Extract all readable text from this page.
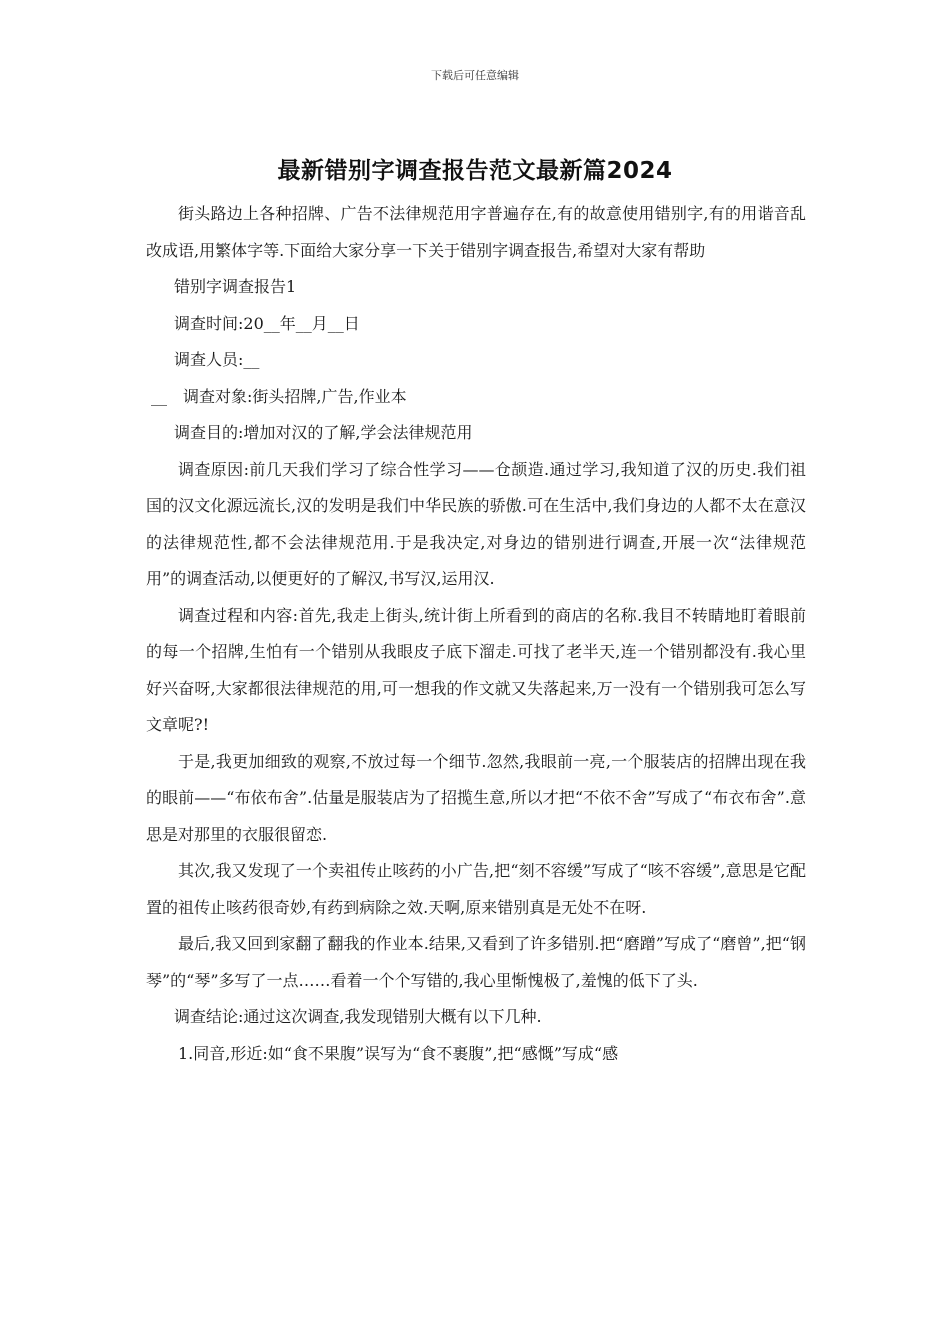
下载后可任意编辑
最新错别字调查报告范文最新篇2024

街头路边上各种招牌、广告不法律规范用字普遍存在,有的故意使用错别字,有的用谐音乱改成语,用繁体字等.下面给大家分享一下关于错别字调查报告,希望对大家有帮助

错别字调查报告1

调查时间:20__年__月__日

调查人员:__

__　调查对象:街头招牌,广告,作业本

调查目的:增加对汉的了解,学会法律规范用

调查原因:前几天我们学习了综合性学习——仓颉造.通过学习,我知道了汉的历史.我们祖国的汉文化源远流长,汉的发明是我们中华民族的骄傲.可在生活中,我们身边的人都不太在意汉的法律规范性,都不会法律规范用.于是我决定,对身边的错别进行调查,开展一次“法律规范用”的调查活动,以便更好的了解汉,书写汉,运用汉.

调查过程和内容:首先,我走上街头,统计街上所看到的商店的名称.我目不转睛地盯着眼前的每一个招牌,生怕有一个错别从我眼皮子底下溜走.可找了老半天,连一个错别都没有.我心里好兴奋呀,大家都很法律规范的用,可一想我的作文就又失落起来,万一没有一个错别我可怎么写文章呢?!

于是,我更加细致的观察,不放过每一个细节.忽然,我眼前一亮,一个服装店的招牌出现在我的眼前——“布依布舍”.估量是服装店为了招揽生意,所以才把“不依不舍”写成了“布衣布舍”.意思是对那里的衣服很留恋.

其次,我又发现了一个卖祖传止咳药的小广告,把“刻不容缓”写成了“咳不容缓”,意思是它配置的祖传止咳药很奇妙,有药到病除之效.天啊,原来错别真是无处不在呀.

最后,我又回到家翻了翻我的作业本.结果,又看到了许多错别.把“磨蹭”写成了“磨曾”,把“钢琴”的“琴”多写了一点……看着一个个写错的,我心里惭愧极了,羞愧的低下了头.

调查结论:通过这次调查,我发现错别大概有以下几种.

1.同音,形近:如“食不果腹”误写为“食不裹腹”,把“感慨”写成“感
